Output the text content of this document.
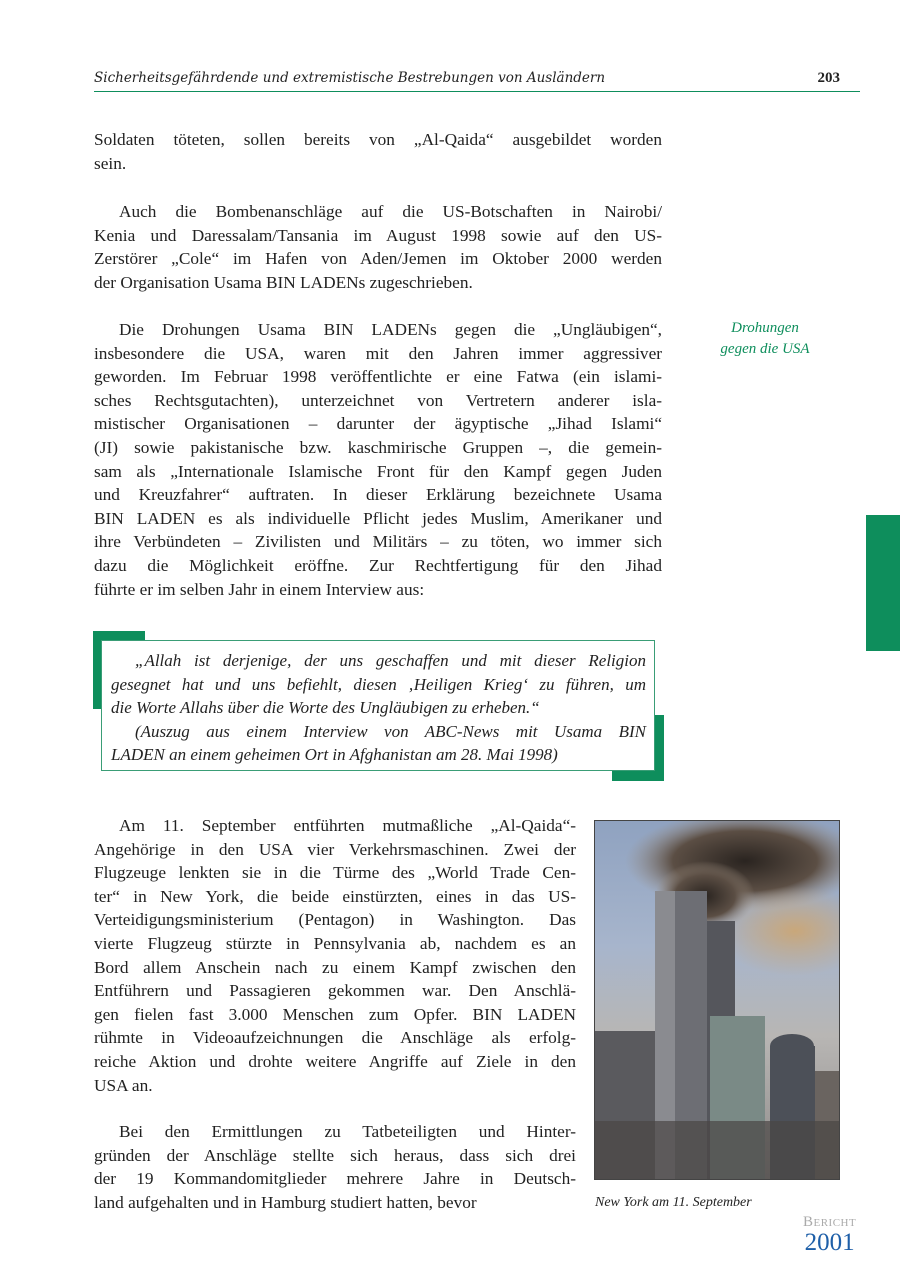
Sicherheitsgefährdende und extremistische Bestrebungen von Ausländern	203
Soldaten töteten, sollen bereits von „Al-Qaida“ ausgebildet worden
sein.
Auch die Bombenanschläge auf die US-Botschaften in Nairobi/
Kenia und Daressalam/Tansania im August 1998 sowie auf den US-
Zerstörer „Cole“ im Hafen von Aden/Jemen im Oktober 2000 werden
der Organisation Usama BIN LADENs zugeschrieben.
Die Drohungen Usama BIN LADENs gegen die „Ungläubigen“,
insbesondere die USA, waren mit den Jahren immer aggressiver
geworden. Im Februar 1998 veröffentlichte er eine Fatwa (ein islami-
sches Rechtsgutachten), unterzeichnet von Vertretern anderer isla-
mistischer Organisationen – darunter der ägyptische „Jihad Islami“
(JI) sowie pakistanische bzw. kaschmirische Gruppen –, die gemein-
sam als „Internationale Islamische Front für den Kampf gegen Juden
und Kreuzfahrer“ auftraten. In dieser Erklärung bezeichnete Usama
BIN LADEN es als individuelle Pflicht jedes Muslim, Amerikaner und
ihre Verbündeten – Zivilisten und Militärs – zu töten, wo immer sich
dazu die Möglichkeit eröffne. Zur Rechtfertigung für den Jihad
führte er im selben Jahr in einem Interview aus:
Am 11. September entführten mutmaßliche „Al-Qaida“-
Angehörige in den USA vier Verkehrsmaschinen. Zwei der
Flugzeuge lenkten sie in die Türme des „World Trade Cen-
ter“ in New York, die beide einstürzten, eines in das US-
Verteidigungsministerium (Pentagon) in Washington. Das
vierte Flugzeug stürzte in Pennsylvania ab, nachdem es an
Bord allem Anschein nach zu einem Kampf zwischen den
Entführern und Passagieren gekommen war. Den Anschlä-
gen fielen fast 3.000 Menschen zum Opfer. BIN LADEN
rühmte in Videoaufzeichnungen die Anschläge als erfolg-
reiche Aktion und drohte weitere Angriffe auf Ziele in den
USA an.
Bei den Ermittlungen zu Tatbeteiligten und Hinter-
gründen der Anschläge stellte sich heraus, dass sich drei
der 19 Kommandomitglieder mehrere Jahre in Deutsch-
land aufgehalten und in Hamburg studiert hatten, bevor
Drohungen
gegen die USA
„Allah ist derjenige, der uns geschaffen und mit dieser Religion
gesegnet hat und uns befiehlt, diesen ‚Heiligen Krieg‘ zu führen, um
die Worte Allahs über die Worte des Ungläubigen zu erheben.“
(Auszug aus einem Interview von ABC-News mit Usama BIN
LADEN an einem geheimen Ort in Afghanistan am 28. Mai 1998)
New York am 11. September
Bericht
2001
